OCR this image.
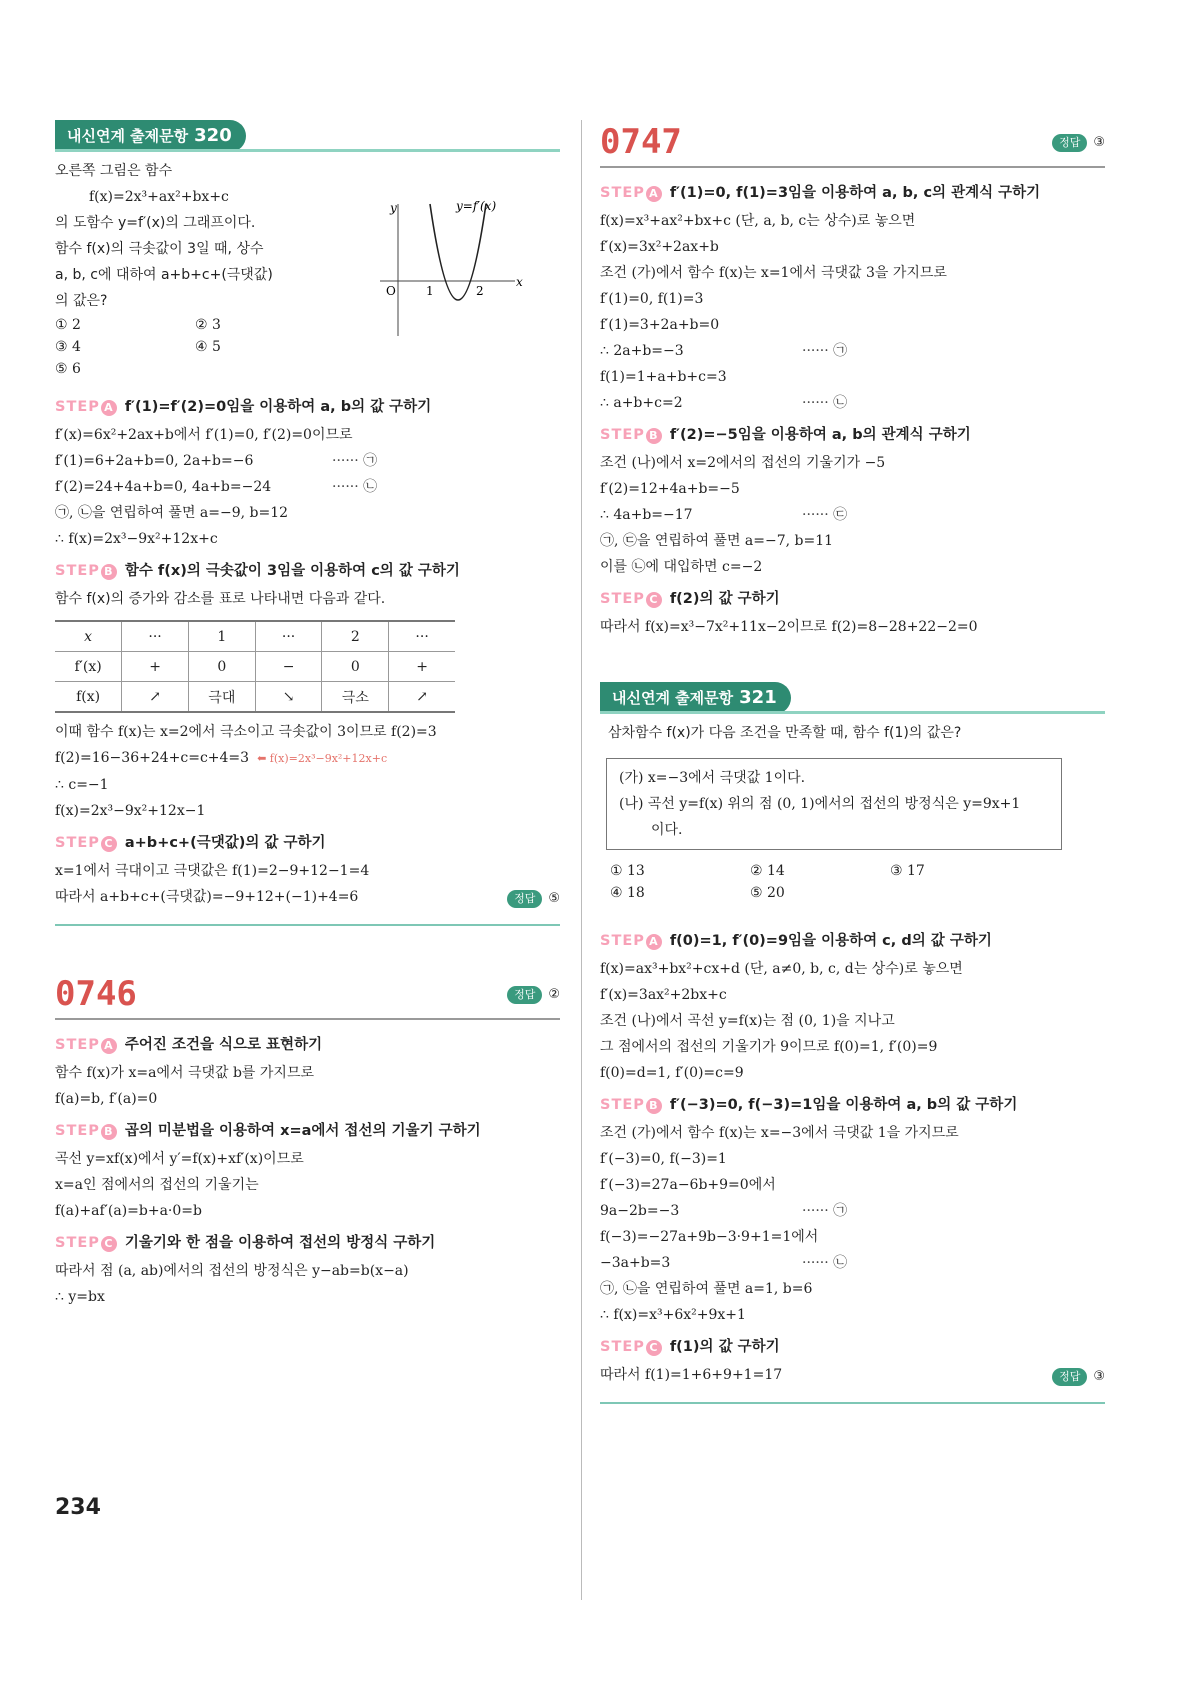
내신연계 출제문항 320
오른쪽 그림은 함수
f(x)=2x³+ax²+bx+c
의 도함수 y=f′(x)의 그래프이다.
함수 f(x)의 극솟값이 3일 때, 상수
a, b, c에 대하여 a+b+c+(극댓값)
의 값은?
① 2	② 3
③ 4	④ 5
⑤ 6
y
x
y=f′(x)
O	1	2
STEP A f′(1)=f′(2)=0임을 이용하여 a, b의 값 구하기
f′(x)=6x²+2ax+b에서 f′(1)=0, f′(2)=0이므로
f′(1)=6+2a+b=0, 2a+b=−6	······ ㉠
f′(2)=24+4a+b=0, 4a+b=−24	······ ㉡
㉠, ㉡을 연립하여 풀면 a=−9, b=12
∴ f(x)=2x³−9x²+12x+c
STEP B 함수 f(x)의 극솟값이 3임을 이용하여 c의 값 구하기
함수 f(x)의 증가와 감소를 표로 나타내면 다음과 같다.
x	···	1	···	2	···
f′(x)	+	0	−	0	+
f(x)	↗	극대	↘	극소	↗
이때 함수 f(x)는 x=2에서 극소이고 극솟값이 3이므로 f(2)=3
f(2)=16−36+24+c=c+4=3 ⬅ f(x)=2x³−9x²+12x+c
∴ c=−1
f(x)=2x³−9x²+12x−1
STEP C a+b+c+(극댓값)의 값 구하기
x=1에서 극대이고 극댓값은 f(1)=2−9+12−1=4
따라서 a+b+c+(극댓값)=−9+12+(−1)+4=6	정답 ⑤
0746	정답 ②
STEP A 주어진 조건을 식으로 표현하기
함수 f(x)가 x=a에서 극댓값 b를 가지므로
f(a)=b, f′(a)=0
STEP B 곱의 미분법을 이용하여 x=a에서 접선의 기울기 구하기
곡선 y=xf(x)에서 y′=f(x)+xf′(x)이므로
x=a인 점에서의 접선의 기울기는
f(a)+af′(a)=b+a·0=b
STEP C 기울기와 한 점을 이용하여 접선의 방정식 구하기
따라서 점 (a, ab)에서의 접선의 방정식은 y−ab=b(x−a)
∴ y=bx
0747	정답 ③
STEP A f′(1)=0, f(1)=3임을 이용하여 a, b, c의 관계식 구하기
f(x)=x³+ax²+bx+c (단, a, b, c는 상수)로 놓으면
f′(x)=3x²+2ax+b
조건 (가)에서 함수 f(x)는 x=1에서 극댓값 3을 가지므로
f′(1)=0, f(1)=3
f′(1)=3+2a+b=0
∴ 2a+b=−3	······ ㉠
f(1)=1+a+b+c=3
∴ a+b+c=2	······ ㉡
STEP B f′(2)=−5임을 이용하여 a, b의 관계식 구하기
조건 (나)에서 x=2에서의 접선의 기울기가 −5
f′(2)=12+4a+b=−5
∴ 4a+b=−17	······ ㉢
㉠, ㉢을 연립하여 풀면 a=−7, b=11
이를 ㉡에 대입하면 c=−2
STEP C f(2)의 값 구하기
따라서 f(x)=x³−7x²+11x−2이므로 f(2)=8−28+22−2=0
내신연계 출제문항 321
삼차함수 f(x)가 다음 조건을 만족할 때, 함수 f(1)의 값은?
(가) x=−3에서 극댓값 1이다.
(나) 곡선 y=f(x) 위의 점 (0, 1)에서의 접선의 방정식은 y=9x+1
이다.
① 13	② 14	③ 17
④ 18	⑤ 20
STEP A f(0)=1, f′(0)=9임을 이용하여 c, d의 값 구하기
f(x)=ax³+bx²+cx+d (단, a≠0, b, c, d는 상수)로 놓으면
f′(x)=3ax²+2bx+c
조건 (나)에서 곡선 y=f(x)는 점 (0, 1)을 지나고
그 점에서의 접선의 기울기가 9이므로 f(0)=1, f′(0)=9
f(0)=d=1, f′(0)=c=9
STEP B f′(−3)=0, f(−3)=1임을 이용하여 a, b의 값 구하기
조건 (가)에서 함수 f(x)는 x=−3에서 극댓값 1을 가지므로
f′(−3)=0, f(−3)=1
f′(−3)=27a−6b+9=0에서
9a−2b=−3	······ ㉠
f(−3)=−27a+9b−3·9+1=1에서
−3a+b=3	······ ㉡
㉠, ㉡을 연립하여 풀면 a=1, b=6
∴ f(x)=x³+6x²+9x+1
STEP C f(1)의 값 구하기
따라서 f(1)=1+6+9+1=17	정답 ③
234
